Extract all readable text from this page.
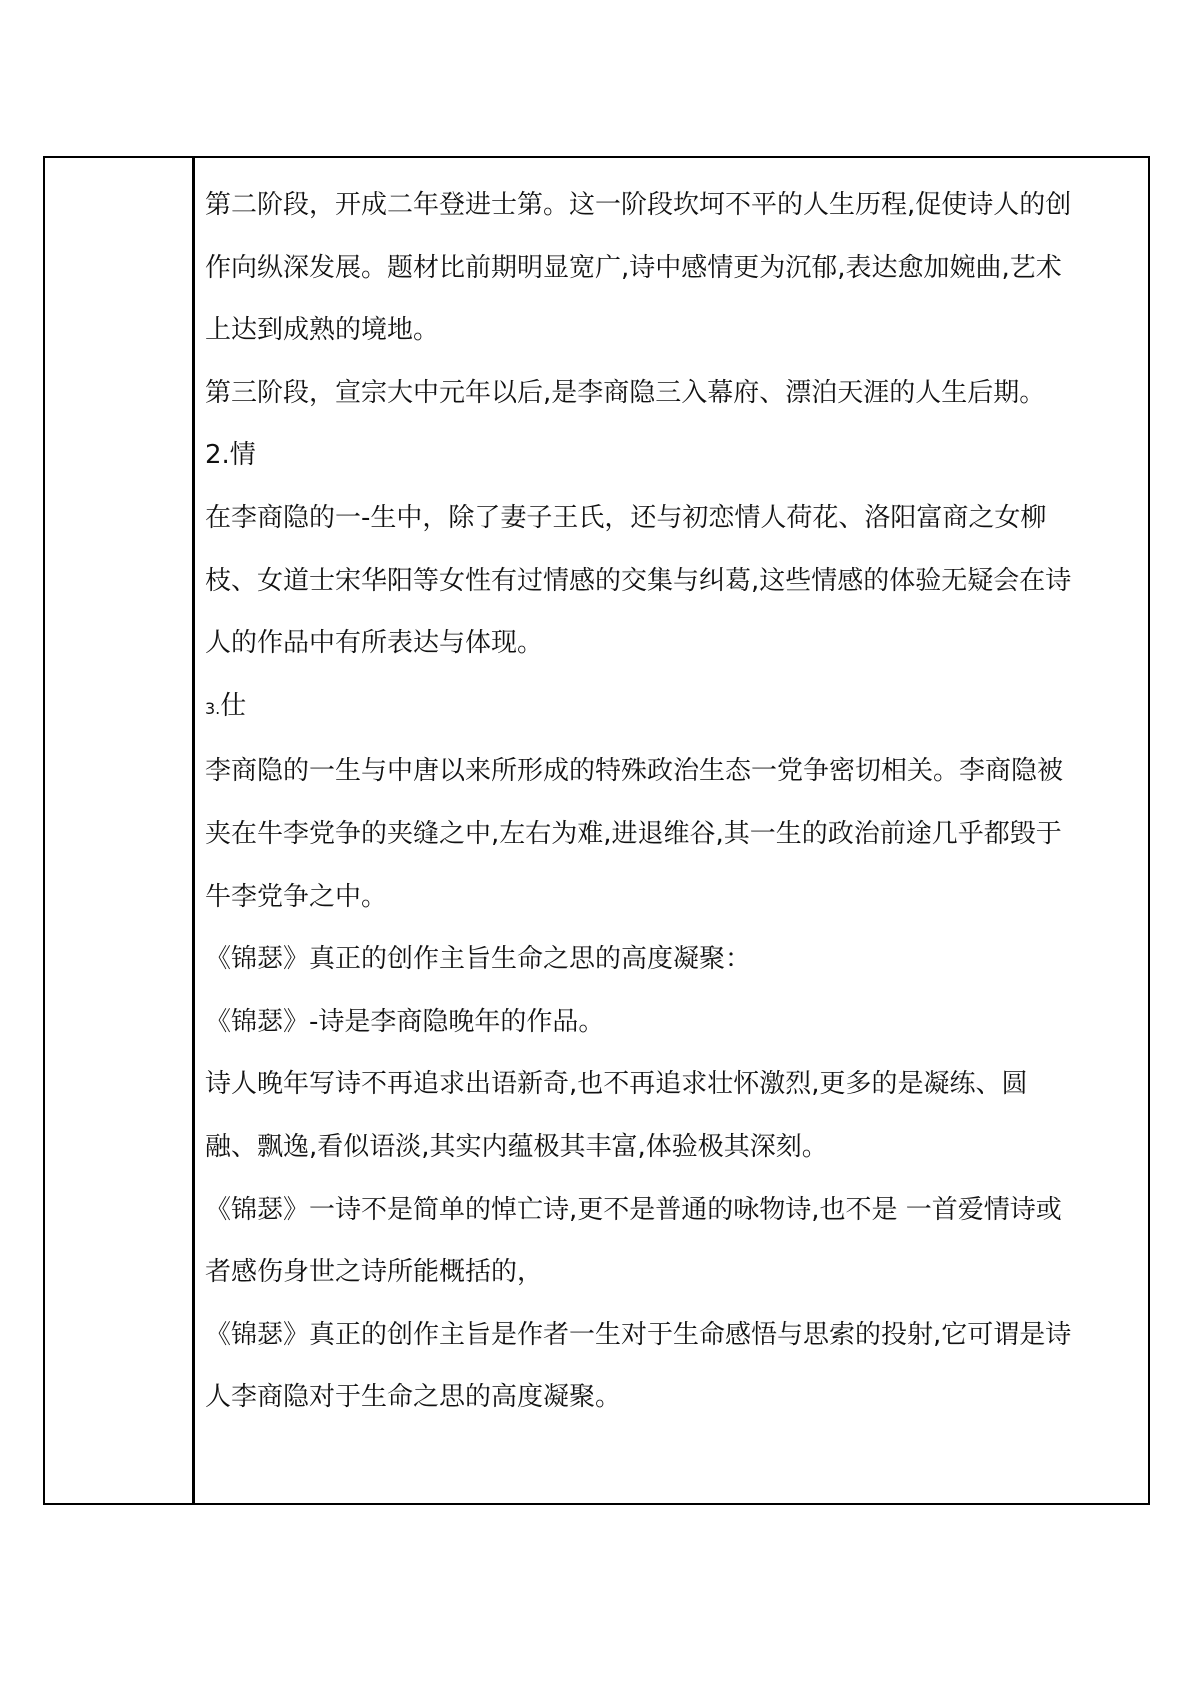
第二阶段，开成二年登进士第。这一阶段坎坷不平的人生历程,促使诗人的创
作向纵深发展。题材比前期明显宽广,诗中感情更为沉郁,表达愈加婉曲,艺术
上达到成熟的境地。
第三阶段，宣宗大中元年以后,是李商隐三入幕府、漂泊天涯的人生后期。
2.情
在李商隐的一-生中，除了妻子王氏，还与初恋情人荷花、洛阳富商之女柳
枝、女道士宋华阳等女性有过情感的交集与纠葛,这些情感的体验无疑会在诗
人的作品中有所表达与体现。
3.仕
李商隐的一生与中唐以来所形成的特殊政治生态一党争密切相关。李商隐被
夹在牛李党争的夹缝之中,左右为难,进退维谷,其一生的政治前途几乎都毁于
牛李党争之中。
《锦瑟》真正的创作主旨生命之思的高度凝聚：
《锦瑟》-诗是李商隐晚年的作品。
诗人晚年写诗不再追求出语新奇,也不再追求壮怀激烈,更多的是凝练、圆
融、飘逸,看似语淡,其实内蕴极其丰富,体验极其深刻。
《锦瑟》一诗不是简单的悼亡诗,更不是普通的咏物诗,也不是 一首爱情诗或
者感伤身世之诗所能概括的，
《锦瑟》真正的创作主旨是作者一生对于生命感悟与思索的投射,它可谓是诗
人李商隐对于生命之思的高度凝聚。
